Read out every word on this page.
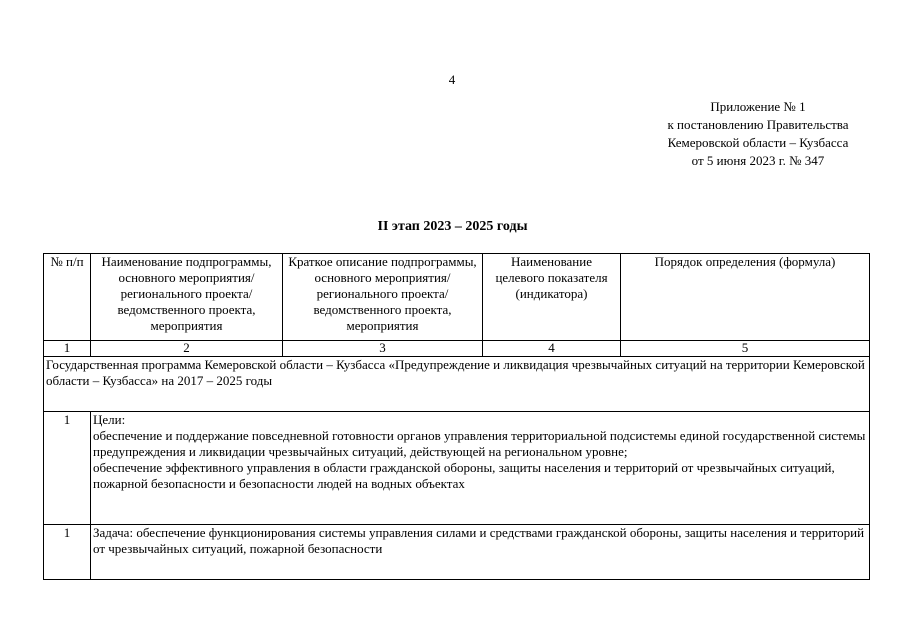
4
Приложение № 1
к постановлению Правительства
Кемеровской области – Кузбасса
от 5 июня 2023 г. № 347
II этап 2023 – 2025 годы
№ п/п	Наименование подпрограммы, основного мероприятия/регионального проекта/ведомственного проекта, мероприятия	Краткое описание подпрограммы, основного мероприятия/регионального проекта/ведомственного проекта, мероприятия	Наименование целевого показателя (индикатора)	Порядок определения (формула)
1	2	3	4	5
Государственная программа Кемеровской области – Кузбасса «Предупреждение и ликвидация чрезвычайных ситуаций на территории Кемеровской области – Кузбасса» на 2017 – 2025 годы				
1	Цели:
обеспечение и поддержание повседневной готовности органов управления территориальной подсистемы единой государственной системы предупреждения и ликвидации чрезвычайных ситуаций, действующей на региональном уровне;
обеспечение эффективного управления в области гражданской обороны, защиты населения и территорий от чрезвычайных ситуаций, пожарной безопасности и безопасности людей на водных объектах			

1	Задача: обеспечение функционирования системы управления силами и средствами гражданской обороны, защиты населения и территорий от чрезвычайных ситуаций, пожарной безопасности			
